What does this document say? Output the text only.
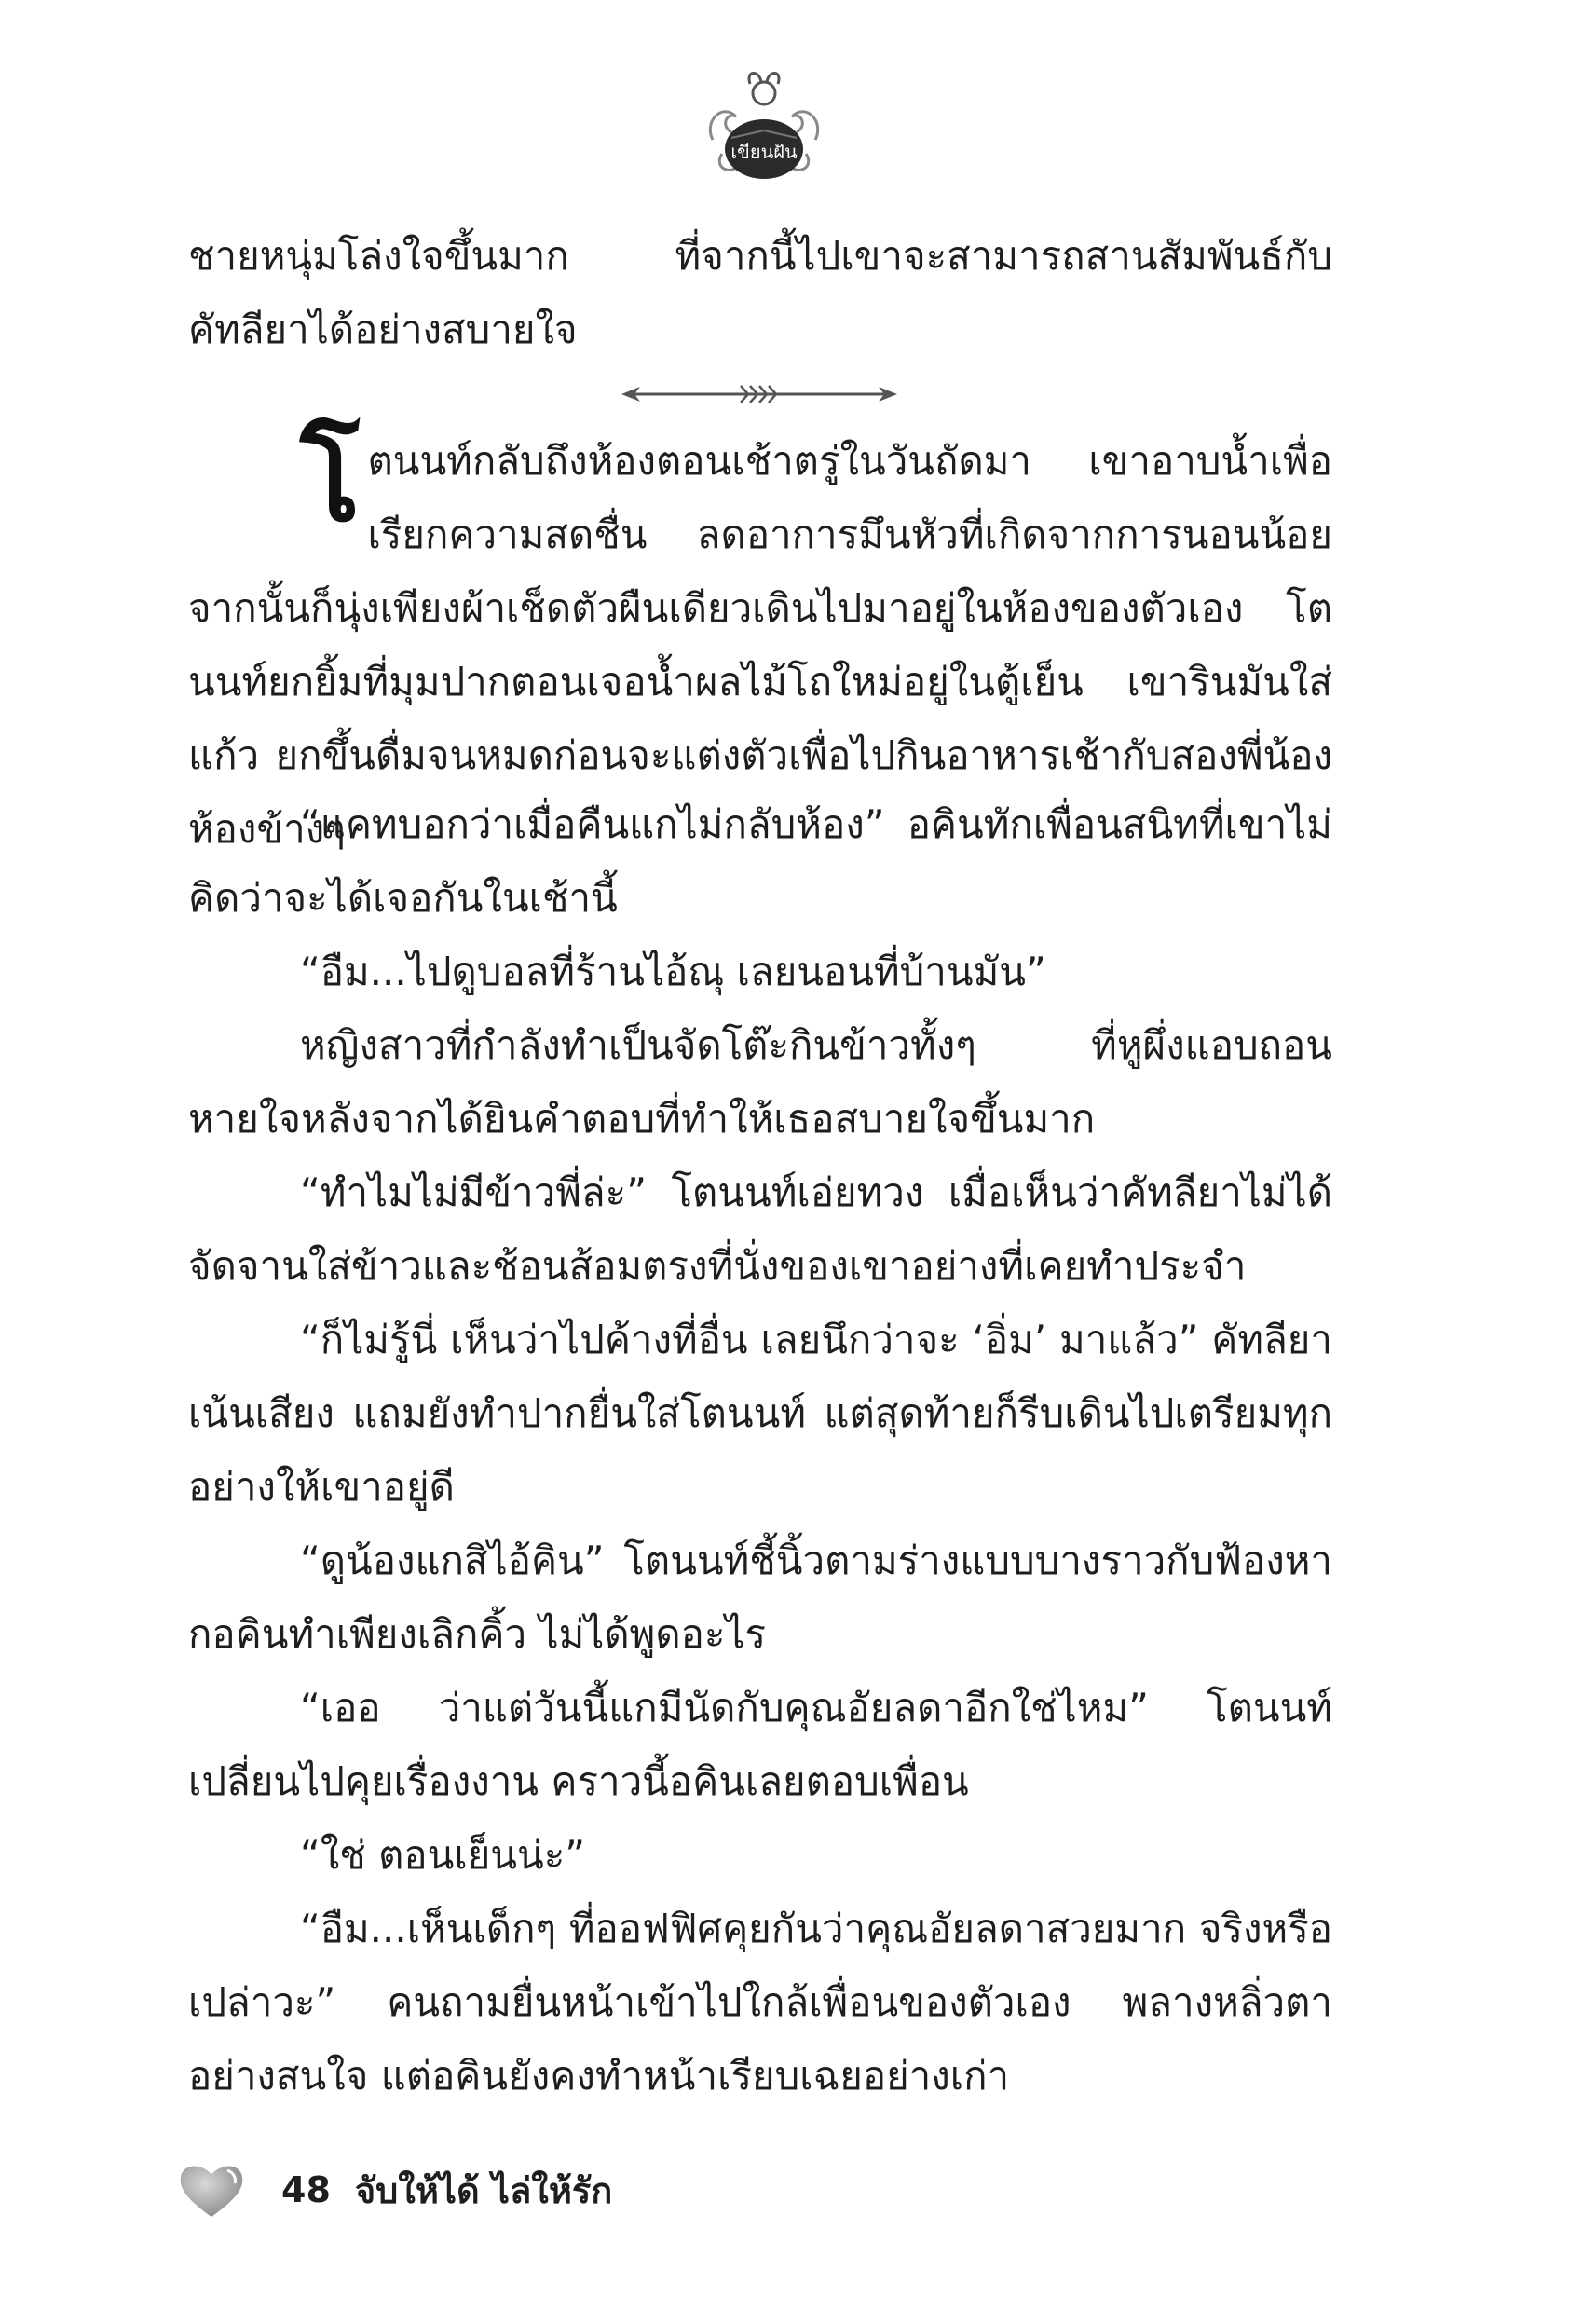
เขียนฝัน

ชายหนุ่มโล่งใจขึ้นมาก ที่จากนี้ไปเขาจะสามารถสานสัมพันธ์กับคัทลียาได้อย่างสบายใจ

โตนนท์กลับถึงห้องตอนเช้าตรู่ในวันถัดมา เขาอาบน้ำเพื่อเรียกความสดชื่น ลดอาการมึนหัวที่เกิดจากการนอนน้อย จากนั้นก็นุ่งเพียงผ้าเช็ดตัวผืนเดียวเดินไปมาอยู่ในห้องของตัวเอง โตนนท์ยกยิ้มที่มุมปากตอนเจอน้ำผลไม้โถใหม่อยู่ในตู้เย็น เขารินมันใส่แก้ว ยกขึ้นดื่มจนหมดก่อนจะแต่งตัวเพื่อไปกินอาหารเช้ากับสองพี่น้องห้องข้างๆ

“แคทบอกว่าเมื่อคืนแกไม่กลับห้อง” อคินทักเพื่อนสนิทที่เขาไม่คิดว่าจะได้เจอกันในเช้านี้

“อืม...ไปดูบอลที่ร้านไอ้ณุ เลยนอนที่บ้านมัน”

หญิงสาวที่กำลังทำเป็นจัดโต๊ะกินข้าวทั้งๆ ที่หูผึ่งแอบถอนหายใจหลังจากได้ยินคำตอบที่ทำให้เธอสบายใจขึ้นมาก

“ทำไมไม่มีข้าวพี่ล่ะ” โตนนท์เอ่ยทวง เมื่อเห็นว่าคัทลียาไม่ได้จัดจานใส่ข้าวและช้อนส้อมตรงที่นั่งของเขาอย่างที่เคยทำประจำ

“ก็ไม่รู้นี่ เห็นว่าไปค้างที่อื่น เลยนึกว่าจะ ‘อิ่ม’ มาแล้ว” คัทลียาเน้นเสียง แถมยังทำปากยื่นใส่โตนนท์ แต่สุดท้ายก็รีบเดินไปเตรียมทุกอย่างให้เขาอยู่ดี

“ดูน้องแกสิไอ้คิน” โตนนท์ชี้นิ้วตามร่างแบบบางราวกับฟ้องหากอคินทำเพียงเลิกคิ้ว ไม่ได้พูดอะไร

“เออ ว่าแต่วันนี้แกมีนัดกับคุณอัยลดาอีกใช่ไหม” โตนนท์เปลี่ยนไปคุยเรื่องงาน คราวนี้อคินเลยตอบเพื่อน

“ใช่ ตอนเย็นน่ะ”

“อืม...เห็นเด็กๆ ที่ออฟฟิศคุยกันว่าคุณอัยลดาสวยมาก จริงหรือเปล่าวะ” คนถามยื่นหน้าเข้าไปใกล้เพื่อนของตัวเอง พลางหลิ่วตาอย่างสนใจ แต่อคินยังคงทำหน้าเรียบเฉยอย่างเก่า

48 จับให้ได้ ไล่ให้รัก
